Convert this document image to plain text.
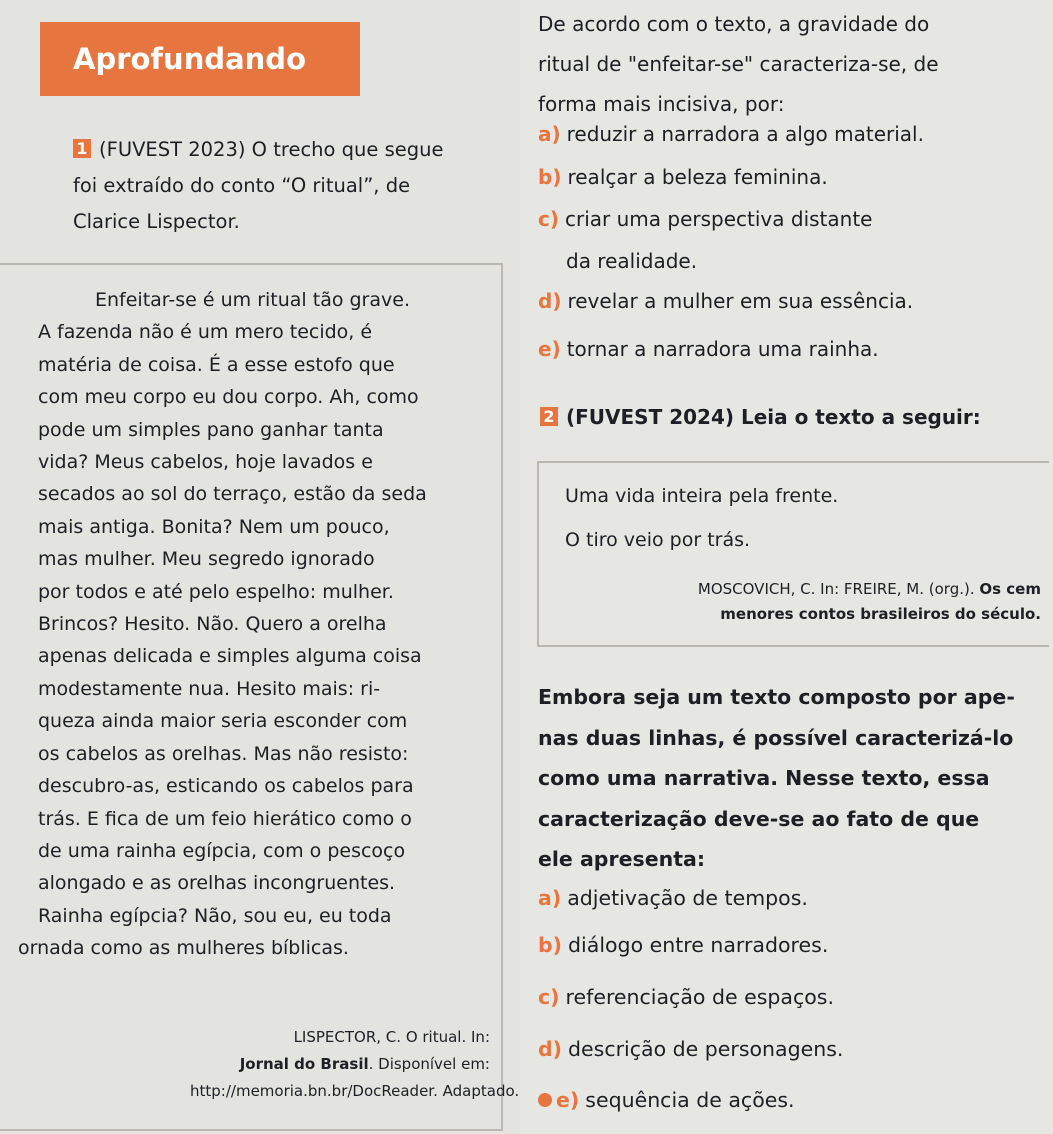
Aprofundando
1 (FUVEST 2023) O trecho que segue
foi extraído do conto “O ritual”, de
Clarice Lispector.
Enfeitar-se é um ritual tão grave.
A fazenda não é um mero tecido, é
matéria de coisa. É a esse estofo que
com meu corpo eu dou corpo. Ah, como
pode um simples pano ganhar tanta
vida? Meus cabelos, hoje lavados e
secados ao sol do terraço, estão da seda
mais antiga. Bonita? Nem um pouco,
mas mulher. Meu segredo ignorado
por todos e até pelo espelho: mulher.
Brincos? Hesito. Não. Quero a orelha
apenas delicada e simples alguma coisa
modestamente nua. Hesito mais: ri-
queza ainda maior seria esconder com
os cabelos as orelhas. Mas não resisto:
descubro-as, esticando os cabelos para
trás. E fica de um feio hierático como o
de uma rainha egípcia, com o pescoço
alongado e as orelhas incongruentes.
Rainha egípcia? Não, sou eu, eu toda
ornada como as mulheres bíblicas.
LISPECTOR, C. O ritual. In:
Jornal do Brasil. Disponível em:
http://memoria.bn.br/DocReader. Adaptado.
De acordo com o texto, a gravidade do
ritual de "enfeitar-se" caracteriza-se, de
forma mais incisiva, por:
a) reduzir a narradora a algo material.
b) realçar a beleza feminina.
c) criar uma perspectiva distante
da realidade.
d) revelar a mulher em sua essência.
e) tornar a narradora uma rainha.
2 (FUVEST 2024) Leia o texto a seguir:
Uma vida inteira pela frente.
O tiro veio por trás.
MOSCOVICH, C. In: FREIRE, M. (org.). Os cem
menores contos brasileiros do século.
Embora seja um texto composto por ape-
nas duas linhas, é possível caracterizá-lo
como uma narrativa. Nesse texto, essa
caracterização deve-se ao fato de que
ele apresenta:
a) adjetivação de tempos.
b) diálogo entre narradores.
c) referenciação de espaços.
d) descrição de personagens.
e) sequência de ações.
